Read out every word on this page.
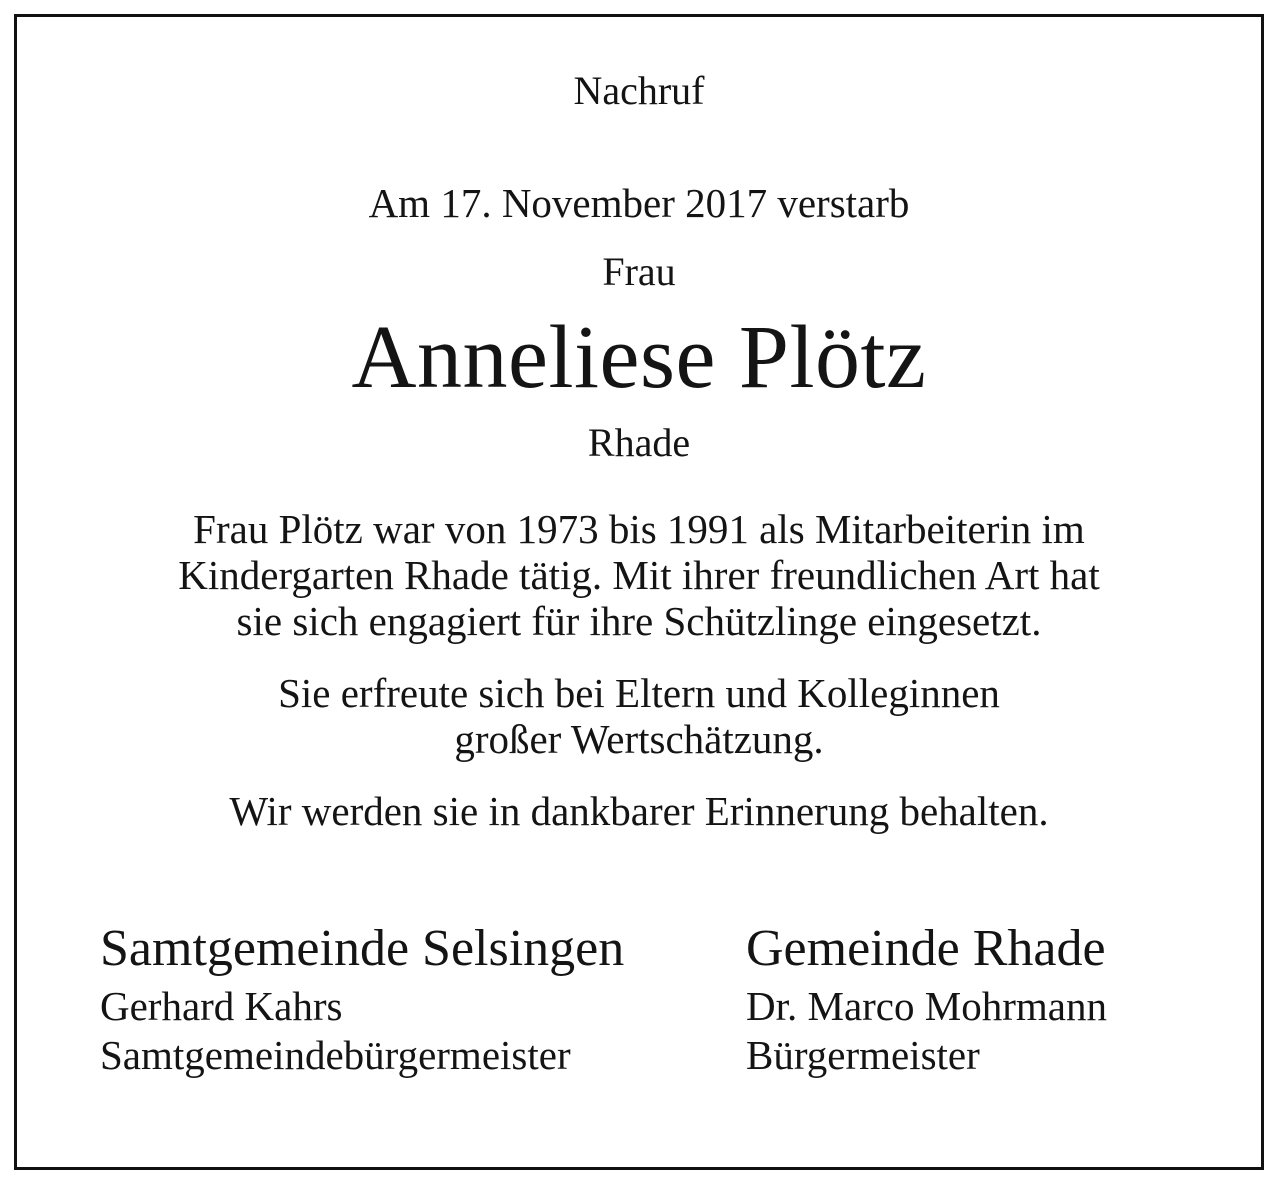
Nachruf
Am 17. November 2017 verstarb
Frau
Anneliese Plötz
Rhade
Frau Plötz war von 1973 bis 1991 als Mitarbeiterin im
Kindergarten Rhade tätig. Mit ihrer freundlichen Art hat
sie sich engagiert für ihre Schützlinge eingesetzt.
Sie erfreute sich bei Eltern und Kolleginnen
großer Wertschätzung.
Wir werden sie in dankbarer Erinnerung behalten.
Samtgemeinde Selsingen
Gerhard Kahrs
Samtgemeindebürgermeister
Gemeinde Rhade
Dr. Marco Mohrmann
Bürgermeister
